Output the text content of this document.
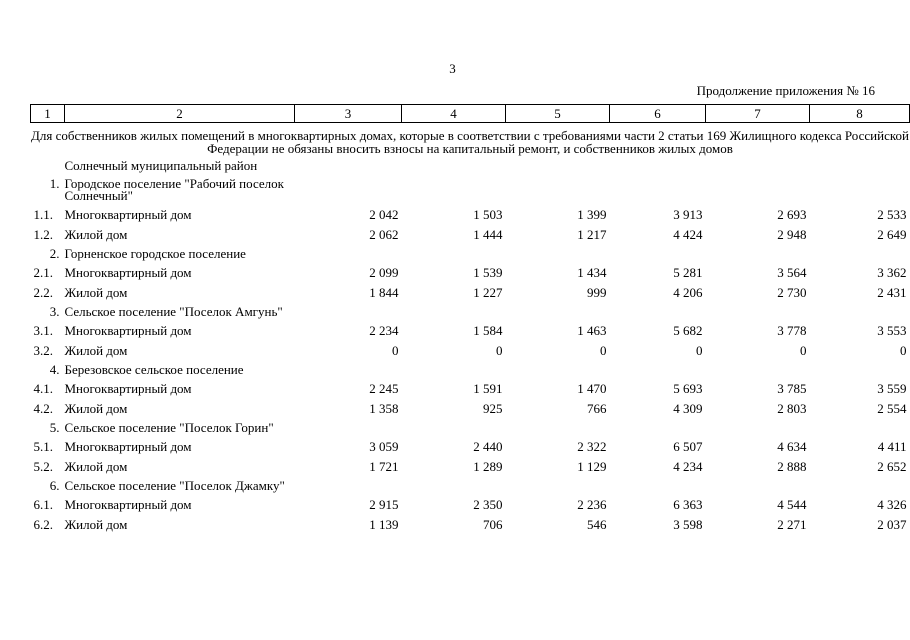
3
Продолжение приложения № 16
1	2	3	4	5	6	7	8
Для собственников жилых помещений в многоквартирных домах, которые в соответствии с требованиями части 2 статьи 169 Жилищного кодекса Российской Федерации не обязаны вносить взносы на капитальный ремонт, и собственников жилых домов							
	Солнечный муниципальный район						
1.	Городское поселение "Рабочий поселок Солнечный"						
1.1.	Многоквартирный дом	2 042	1 503	1 399	3 913	2 693	2 533
1.2.	Жилой дом	2 062	1 444	1 217	4 424	2 948	2 649
2.	Горненское городское поселение						
2.1.	Многоквартирный дом	2 099	1 539	1 434	5 281	3 564	3 362
2.2.	Жилой дом	1 844	1 227	999	4 206	2 730	2 431
3.	Сельское поселение "Поселок Амгунь"						
3.1.	Многоквартирный дом	2 234	1 584	1 463	5 682	3 778	3 553
3.2.	Жилой дом	0	0	0	0	0	0
4.	Березовское сельское поселение						
4.1.	Многоквартирный дом	2 245	1 591	1 470	5 693	3 785	3 559
4.2.	Жилой дом	1 358	925	766	4 309	2 803	2 554
5.	Сельское поселение "Поселок Горин"						
5.1.	Многоквартирный дом	3 059	2 440	2 322	6 507	4 634	4 411
5.2.	Жилой дом	1 721	1 289	1 129	4 234	2 888	2 652
6.	Сельское поселение "Поселок Джамку"						
6.1.	Многоквартирный дом	2 915	2 350	2 236	6 363	4 544	4 326
6.2.	Жилой дом	1 139	706	546	3 598	2 271	2 037
